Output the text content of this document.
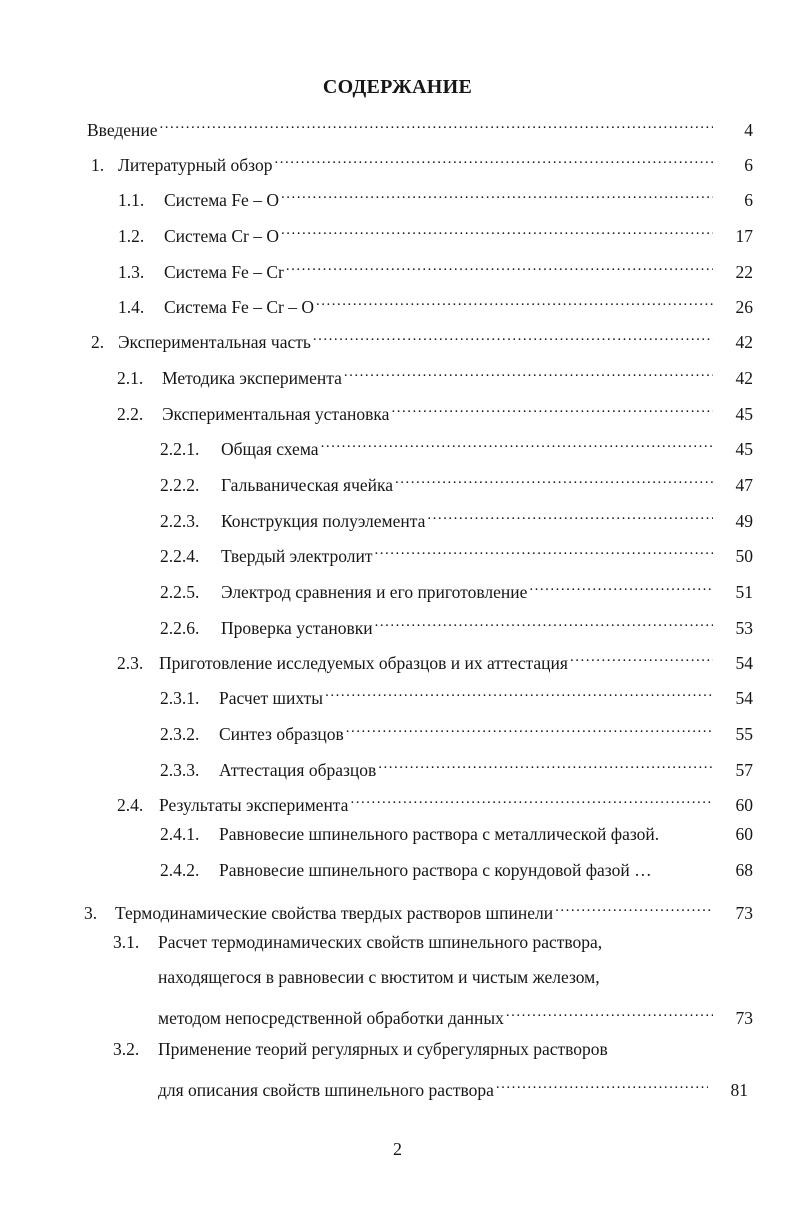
СОДЕРЖАНИЕ
Введение .....	4
1. Литературный обзор .....	6
1.1.	Система Fe – O .....	6
1.2.	Система Cr – O .....	17
1.3.	Система Fe – Cr .....	22
1.4.	Система Fe – Cr – O .....	26
2. Экспериментальная часть .....	42
2.1.	Методика эксперимента .....	42
2.2.	Экспериментальная установка .....	45
2.2.1.	Общая схема .....	45
2.2.2.	Гальваническая ячейка .....	47
2.2.3.	Конструкция полуэлемента .....	49
2.2.4.	Твердый электролит .....	50
2.2.5.	Электрод сравнения и его приготовление .....	51
2.2.6.	Проверка установки .....	53
2.3. Приготовление исследуемых образцов и их аттестация .....	54
2.3.1.	Расчет шихты .....	54
2.3.2.	Синтез образцов .....	55
2.3.3.	Аттестация образцов .....	57
2.4. Результаты эксперимента .....	60
2.4.1.	Равновесие шпинельного раствора с металлической фазой.	60
2.4.2.	Равновесие шпинельного раствора с корундовой фазой …	68
3.	Термодинамические свойства твердых растворов шпинели .....	73
3.1.	Расчет термодинамических свойств шпинельного раствора,
находящегося в равновесии с вюститом и чистым железом,
методом непосредственной обработки данных .....	73
3.2.	Применение теорий регулярных и субрегулярных растворов
для описания свойств шпинельного раствора .....	81
2
